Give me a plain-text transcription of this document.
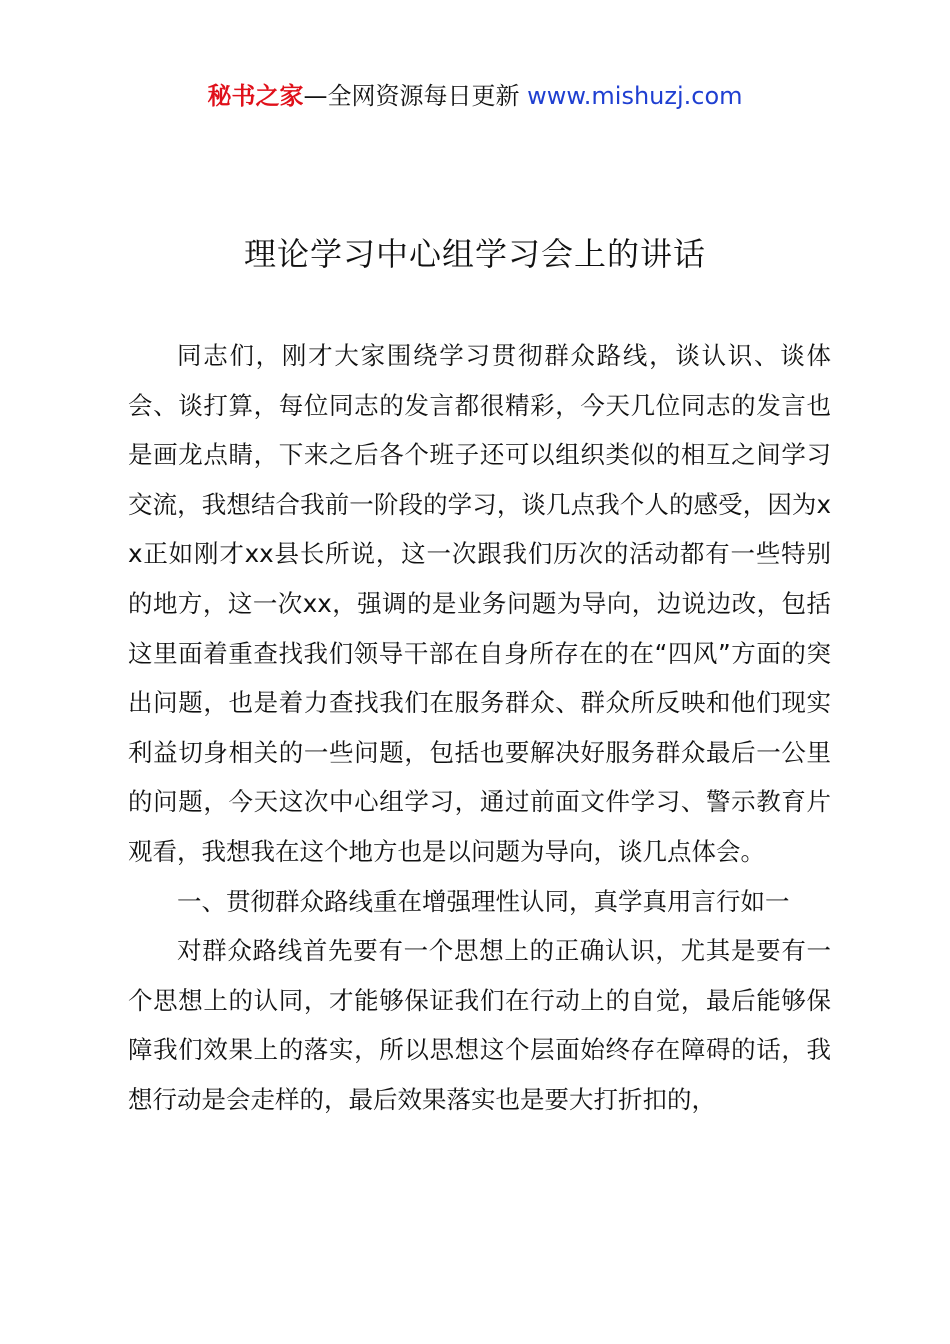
秘书之家—全网资源每日更新 www.mishuzj.com
理论学习中心组学习会上的讲话

同志们，刚才大家围绕学习贯彻群众路线，谈认识、谈体会、谈打算，每位同志的发言都很精彩，今天几位同志的发言也是画龙点睛，下来之后各个班子还可以组织类似的相互之间学习交流，我想结合我前一阶段的学习，谈几点我个人的感受，因为xx正如刚才xx县长所说，这一次跟我们历次的活动都有一些特别的地方，这一次xx，强调的是业务问题为导向，边说边改，包括这里面着重查找我们领导干部在自身所存在的在“四风”方面的突出问题，也是着力查找我们在服务群众、群众所反映和他们现实利益切身相关的一些问题，包括也要解决好服务群众最后一公里的问题，今天这次中心组学习，通过前面文件学习、警示教育片观看，我想我在这个地方也是以问题为导向，谈几点体会。

一、贯彻群众路线重在增强理性认同，真学真用言行如一

对群众路线首先要有一个思想上的正确认识，尤其是要有一个思想上的认同，才能够保证我们在行动上的自觉，最后能够保障我们效果上的落实，所以思想这个层面始终存在障碍的话，我想行动是会走样的，最后效果落实也是要大打折扣的，
